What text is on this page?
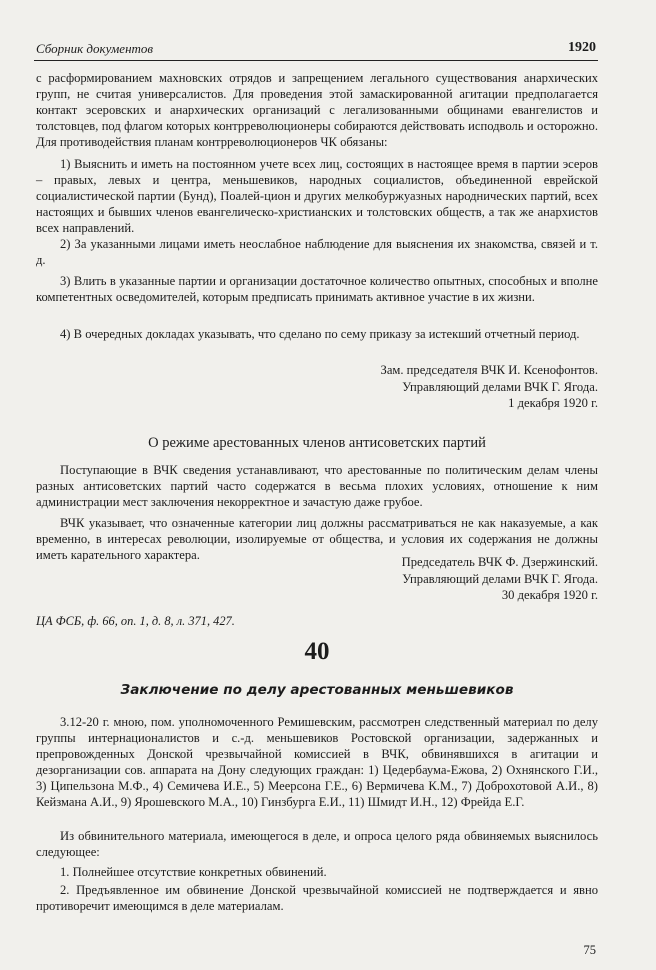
Сборник документов	1920

с расформированием махновских отрядов и запрещением легального существования анархических групп, не считая универсалистов. Для проведения этой замаскированной агитации предполагается контакт эсеровских и анархических организаций с легализованными общинами евангелистов и толстовцев, под флагом которых контрреволюционеры собираются действовать исподволь и осторожно. Для противодействия планам контрреволюционеров ЧК обязаны:

1) Выяснить и иметь на постоянном учете всех лиц, состоящих в настоящее время в партии эсеров – правых, левых и центра, меньшевиков, народных социалистов, объединенной еврейской социалистической партии (Бунд), Поалей-цион и других мелкобуржуазных народнических партий, всех настоящих и бывших членов евангелическо-христианских и толстовских обществ, а так же анархистов всех направлений.

2) За указанными лицами иметь неослабное наблюдение для выяснения их знакомства, связей и т. д.

3) Влить в указанные партии и организации достаточное количество опытных, способных и вполне компетентных осведомителей, которым предписать принимать активное участие в их жизни.

4) В очередных докладах указывать, что сделано по сему приказу за истекший отчетный период.

Зам. председателя ВЧК И. Ксенофонтов.
Управляющий делами ВЧК Г. Ягода.
1 декабря 1920 г.
О режиме арестованных членов антисоветских партий

Поступающие в ВЧК сведения устанавливают, что арестованные по политическим делам члены разных антисоветских партий часто содержатся в весьма плохих условиях, отношение к ним администрации мест заключения некорректное и зачастую даже грубое.

ВЧК указывает, что означенные категории лиц должны рассматриваться не как наказуемые, а как временно, в интересах революции, изолируемые от общества, и условия их содержания не должны иметь карательного характера.	Председатель ВЧК Ф. Дзержинский.
Управляющий делами ВЧК Г. Ягода.
30 декабря 1920 г.
ЦА ФСБ, ф. 66, оп. 1, д. 8, л. 371, 427.
40
Заключение по делу арестованных меньшевиков

3.12-20 г. мною, пом. уполномоченного Ремишевским, рассмотрен следственный материал по делу группы интернационалистов и с.-д. меньшевиков Ростовской организации, задержанных и препровожденных Донской чрезвычайной комиссией в ВЧК, обвинявшихся в агитации и дезорганизации сов. аппарата на Дону следующих граждан: 1) Цедербаума-Ежова, 2) Охнянского Г.И., 3) Ципельзона М.Ф., 4) Семичева И.Е., 5) Меерсона Г.Е., 6) Вермичева К.М., 7) Доброхотовой А.И., 8) Кейзмана А.И., 9) Ярошевского М.А., 10) Гинзбурга Е.И., 11) Шмидт И.Н., 12) Фрейда Е.Г.

Из обвинительного материала, имеющегося в деле, и опроса целого ряда обвиняемых выяснилось следующее:

1. Полнейшее отсутствие конкретных обвинений.

2. Предъявленное им обвинение Донской чрезвычайной комиссией не подтверждается и явно противоречит имеющимся в деле материалам.

75
